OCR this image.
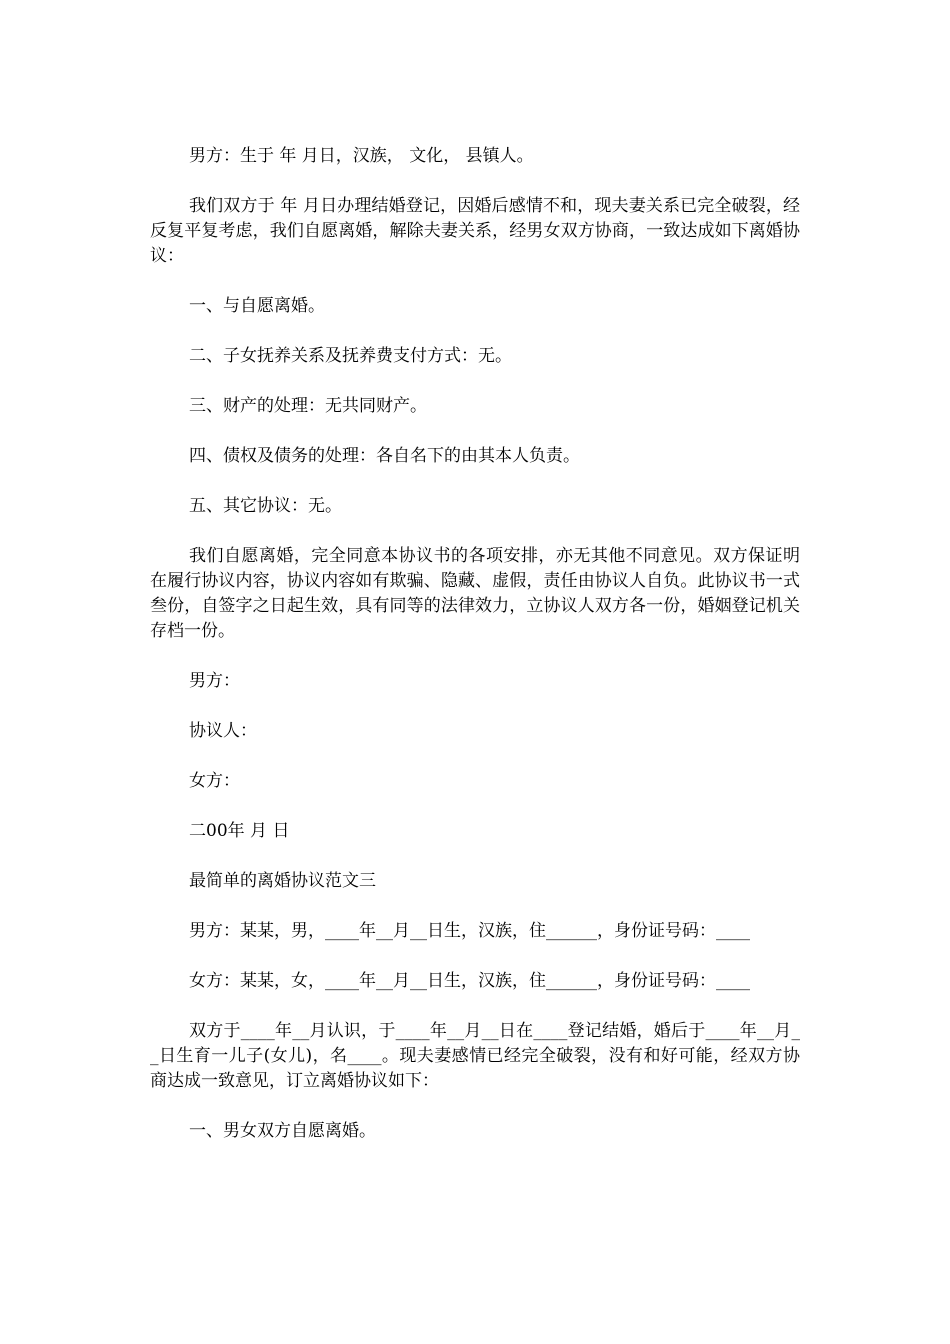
男方：生于 年 月日，汉族， 文化， 县镇人。

我们双方于 年 月日办理结婚登记，因婚后感情不和，现夫妻关系已完全破裂，经反复平复考虑，我们自愿离婚，解除夫妻关系，经男女双方协商，一致达成如下离婚协议：

一、与自愿离婚。

二、子女抚养关系及抚养费支付方式：无。

三、财产的处理：无共同财产。

四、债权及债务的处理：各自名下的由其本人负责。

五、其它协议：无。

我们自愿离婚，完全同意本协议书的各项安排，亦无其他不同意见。双方保证明在履行协议内容，协议内容如有欺骗、隐藏、虚假，责任由协议人自负。此协议书一式叁份，自签字之日起生效，具有同等的法律效力，立协议人双方各一份，婚姻登记机关存档一份。

男方：

协议人：

女方：

二00年 月 日

最简单的离婚协议范文三

男方：某某，男，____年__月__日生，汉族，住______，身份证号码：____

女方：某某，女，____年__月__日生，汉族，住______，身份证号码：____

双方于____年__月认识，于____年__月__日在____登记结婚，婚后于____年__月__日生育一儿子(女儿)，名____。现夫妻感情已经完全破裂，没有和好可能，经双方协商达成一致意见，订立离婚协议如下：

一、男女双方自愿离婚。
